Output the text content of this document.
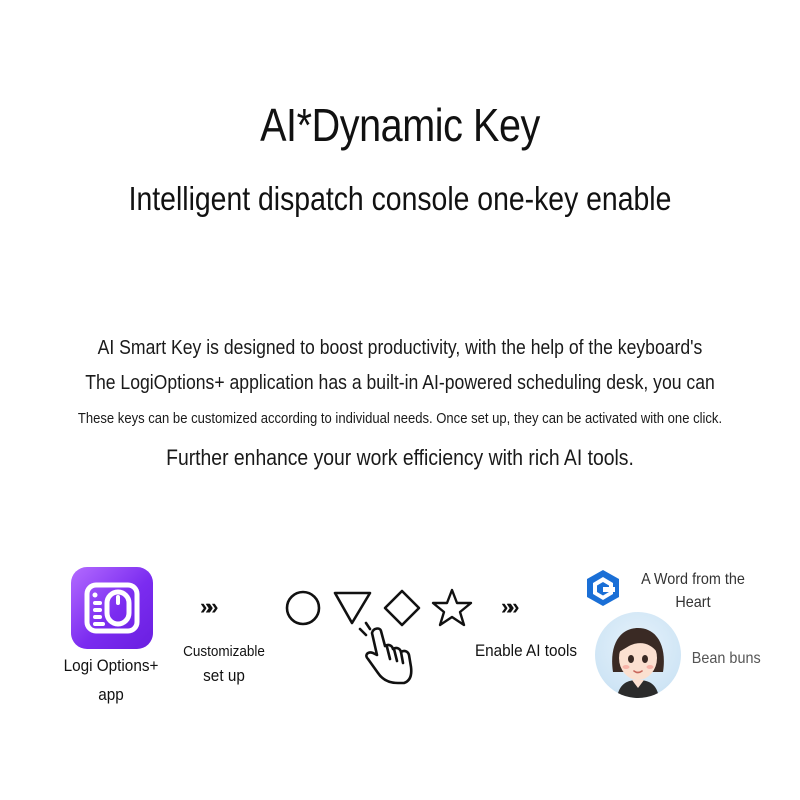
AI*Dynamic Key
Intelligent dispatch console one-key enable
AI Smart Key is designed to boost productivity, with the help of the keyboard's
The LogiOptions+ application has a built-in AI-powered scheduling desk, you can
These keys can be customized according to individual needs. Once set up, they can be activated with one click.
Further enhance your work efficiency with rich AI tools.
Logi Options+
app
»»
Customizable
set up
»»
Enable AI tools
A Word from the
Heart
Bean buns
